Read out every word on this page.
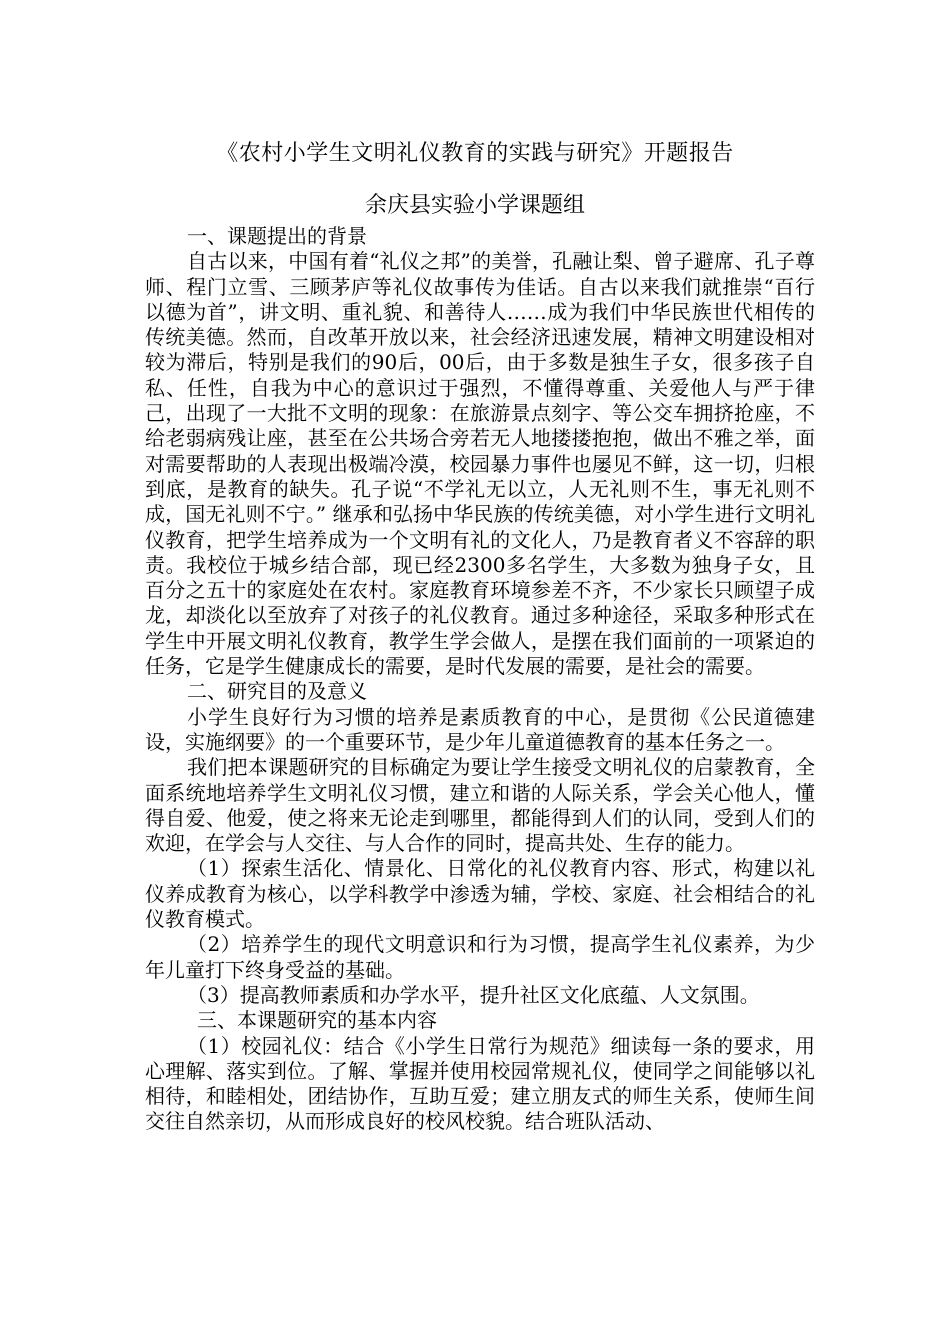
《农村小学生文明礼仪教育的实践与研究》开题报告
余庆县实验小学课题组

一、课题提出的背景

自古以来，中国有着“礼仪之邦”的美誉，孔融让梨、曾子避席、孔子尊师、程门立雪、三顾茅庐等礼仪故事传为佳话。自古以来我们就推崇“百行以德为首”，讲文明、重礼貌、和善待人……成为我们中华民族世代相传的传统美德。然而，自改革开放以来，社会经济迅速发展，精神文明建设相对较为滞后，特别是我们的90后，00后，由于多数是独生子女，很多孩子自私、任性，自我为中心的意识过于强烈，不懂得尊重、关爱他人与严于律己，出现了一大批不文明的现象：在旅游景点刻字、等公交车拥挤抢座，不给老弱病残让座，甚至在公共场合旁若无人地搂搂抱抱，做出不雅之举，面对需要帮助的人表现出极端冷漠，校园暴力事件也屡见不鲜，这一切，归根到底，是教育的缺失。孔子说“不学礼无以立，人无礼则不生，事无礼则不成，国无礼则不宁。” 继承和弘扬中华民族的传统美德，对小学生进行文明礼仪教育，把学生培养成为一个文明有礼的文化人，乃是教育者义不容辞的职责。我校位于城乡结合部，现已经2300多名学生，大多数为独身子女，且百分之五十的家庭处在农村。家庭教育环境参差不齐，不少家长只顾望子成龙，却淡化以至放弃了对孩子的礼仪教育。通过多种途径，采取多种形式在学生中开展文明礼仪教育，教学生学会做人，是摆在我们面前的一项紧迫的任务，它是学生健康成长的需要，是时代发展的需要，是社会的需要。

二、研究目的及意义

小学生良好行为习惯的培养是素质教育的中心，是贯彻《公民道德建设，实施纲要》的一个重要环节，是少年儿童道德教育的基本任务之一。

我们把本课题研究的目标确定为要让学生接受文明礼仪的启蒙教育，全面系统地培养学生文明礼仪习惯，建立和谐的人际关系，学会关心他人，懂得自爱、他爱，使之将来无论走到哪里，都能得到人们的认同，受到人们的欢迎，在学会与人交往、与人合作的同时，提高共处、生存的能力。

（1）探索生活化、情景化、日常化的礼仪教育内容、形式，构建以礼仪养成教育为核心，以学科教学中渗透为辅，学校、家庭、社会相结合的礼仪教育模式。

（2）培养学生的现代文明意识和行为习惯，提高学生礼仪素养，为少年儿童打下终身受益的基础。

（3）提高教师素质和办学水平，提升社区文化底蕴、人文氛围。

三、本课题研究的基本内容

（1）校园礼仪：结合《小学生日常行为规范》细读每一条的要求，用心理解、落实到位。了解、掌握并使用校园常规礼仪，使同学之间能够以礼相待，和睦相处，团结协作，互助互爱；建立朋友式的师生关系，使师生间交往自然亲切，从而形成良好的校风校貌。结合班队活动、
